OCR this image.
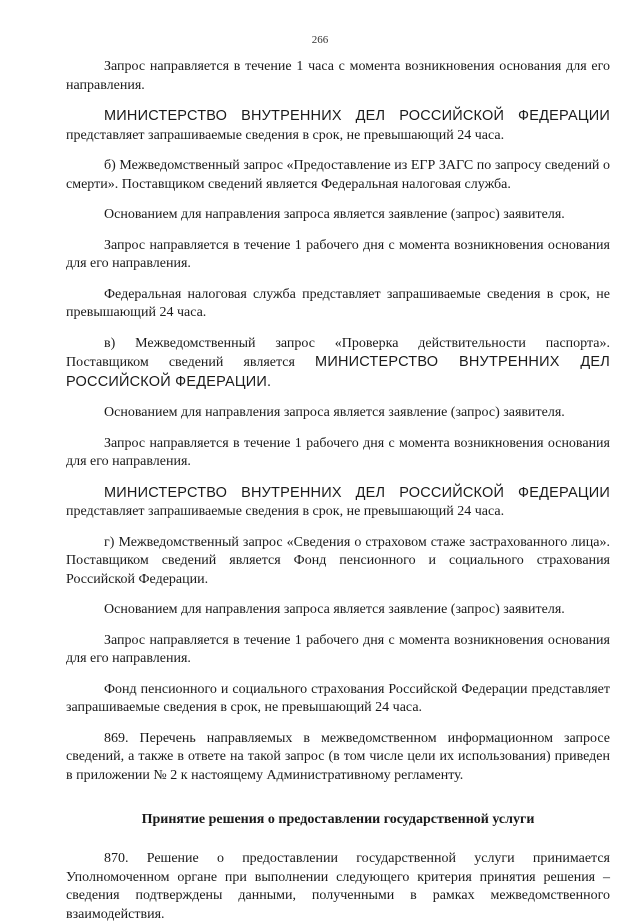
266

Запрос направляется в течение 1 часа с момента возникновения основания для его направления.

МИНИСТЕРСТВО ВНУТРЕННИХ ДЕЛ РОССИЙСКОЙ ФЕДЕРАЦИИ представляет запрашиваемые сведения в срок, не превышающий 24 часа.

б) Межведомственный запрос «Предоставление из ЕГР ЗАГС по запросу сведений о смерти». Поставщиком сведений является Федеральная налоговая служба.

Основанием для направления запроса является заявление (запрос) заявителя.

Запрос направляется в течение 1 рабочего дня с момента возникновения основания для его направления.

Федеральная налоговая служба представляет запрашиваемые сведения в срок, не превышающий 24 часа.

в) Межведомственный запрос «Проверка действительности паспорта». Поставщиком сведений является МИНИСТЕРСТВО ВНУТРЕННИХ ДЕЛ РОССИЙСКОЙ ФЕДЕРАЦИИ.

Основанием для направления запроса является заявление (запрос) заявителя.

Запрос направляется в течение 1 рабочего дня с момента возникновения основания для его направления.

МИНИСТЕРСТВО ВНУТРЕННИХ ДЕЛ РОССИЙСКОЙ ФЕДЕРАЦИИ представляет запрашиваемые сведения в срок, не превышающий 24 часа.

г) Межведомственный запрос «Сведения о страховом стаже застрахованного лица». Поставщиком сведений является Фонд пенсионного и социального страхования Российской Федерации.

Основанием для направления запроса является заявление (запрос) заявителя.

Запрос направляется в течение 1 рабочего дня с момента возникновения основания для его направления.

Фонд пенсионного и социального страхования Российской Федерации представляет запрашиваемые сведения в срок, не превышающий 24 часа.

869. Перечень направляемых в межведомственном информационном запросе сведений, а также в ответе на такой запрос (в том числе цели их использования) приведен в приложении № 2 к настоящему Административному регламенту.

Принятие решения о предоставлении государственной услуги

870. Решение о предоставлении государственной услуги принимается Уполномоченном органе при выполнении следующего критерия принятия решения – сведения подтверждены данными, полученными в рамках межведомственного взаимодействия.
